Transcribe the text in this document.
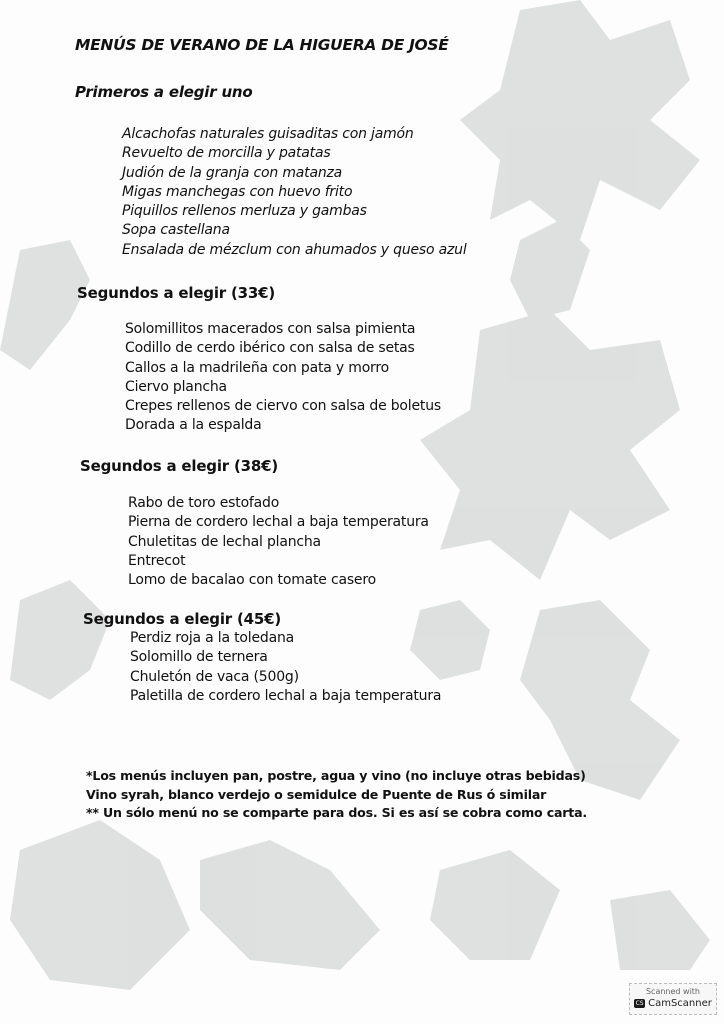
MENÚS DE VERANO DE LA HIGUERA DE JOSÉ
Primeros a elegir uno
Alcachofas naturales guisaditas con jamón
Revuelto de morcilla y patatas
Judión de la granja con matanza
Migas manchegas con huevo frito
Piquillos rellenos merluza y gambas
Sopa castellana
Ensalada de mézclum con ahumados y queso azul
Segundos a elegir (33€)
Solomillitos macerados con salsa pimienta
Codillo de cerdo ibérico con salsa de setas
Callos a la madrileña con pata y morro
Ciervo plancha
Crepes rellenos de ciervo con salsa de boletus
Dorada a la espalda
Segundos a elegir (38€)
Rabo de toro estofado
Pierna de cordero lechal a baja temperatura
Chuletitas de lechal plancha
Entrecot
Lomo de bacalao con tomate casero
Segundos a elegir (45€)
Perdiz roja a la toledana
Solomillo de ternera
Chuletón de vaca (500g)
Paletilla de cordero lechal a baja temperatura
*Los menús incluyen pan, postre, agua y vino (no incluye otras bebidas)
Vino syrah, blanco verdejo o semidulce de Puente de Rus ó similar
** Un sólo menú no se comparte para dos. Si es así se cobra como carta.
Scanned with
CS CamScanner
